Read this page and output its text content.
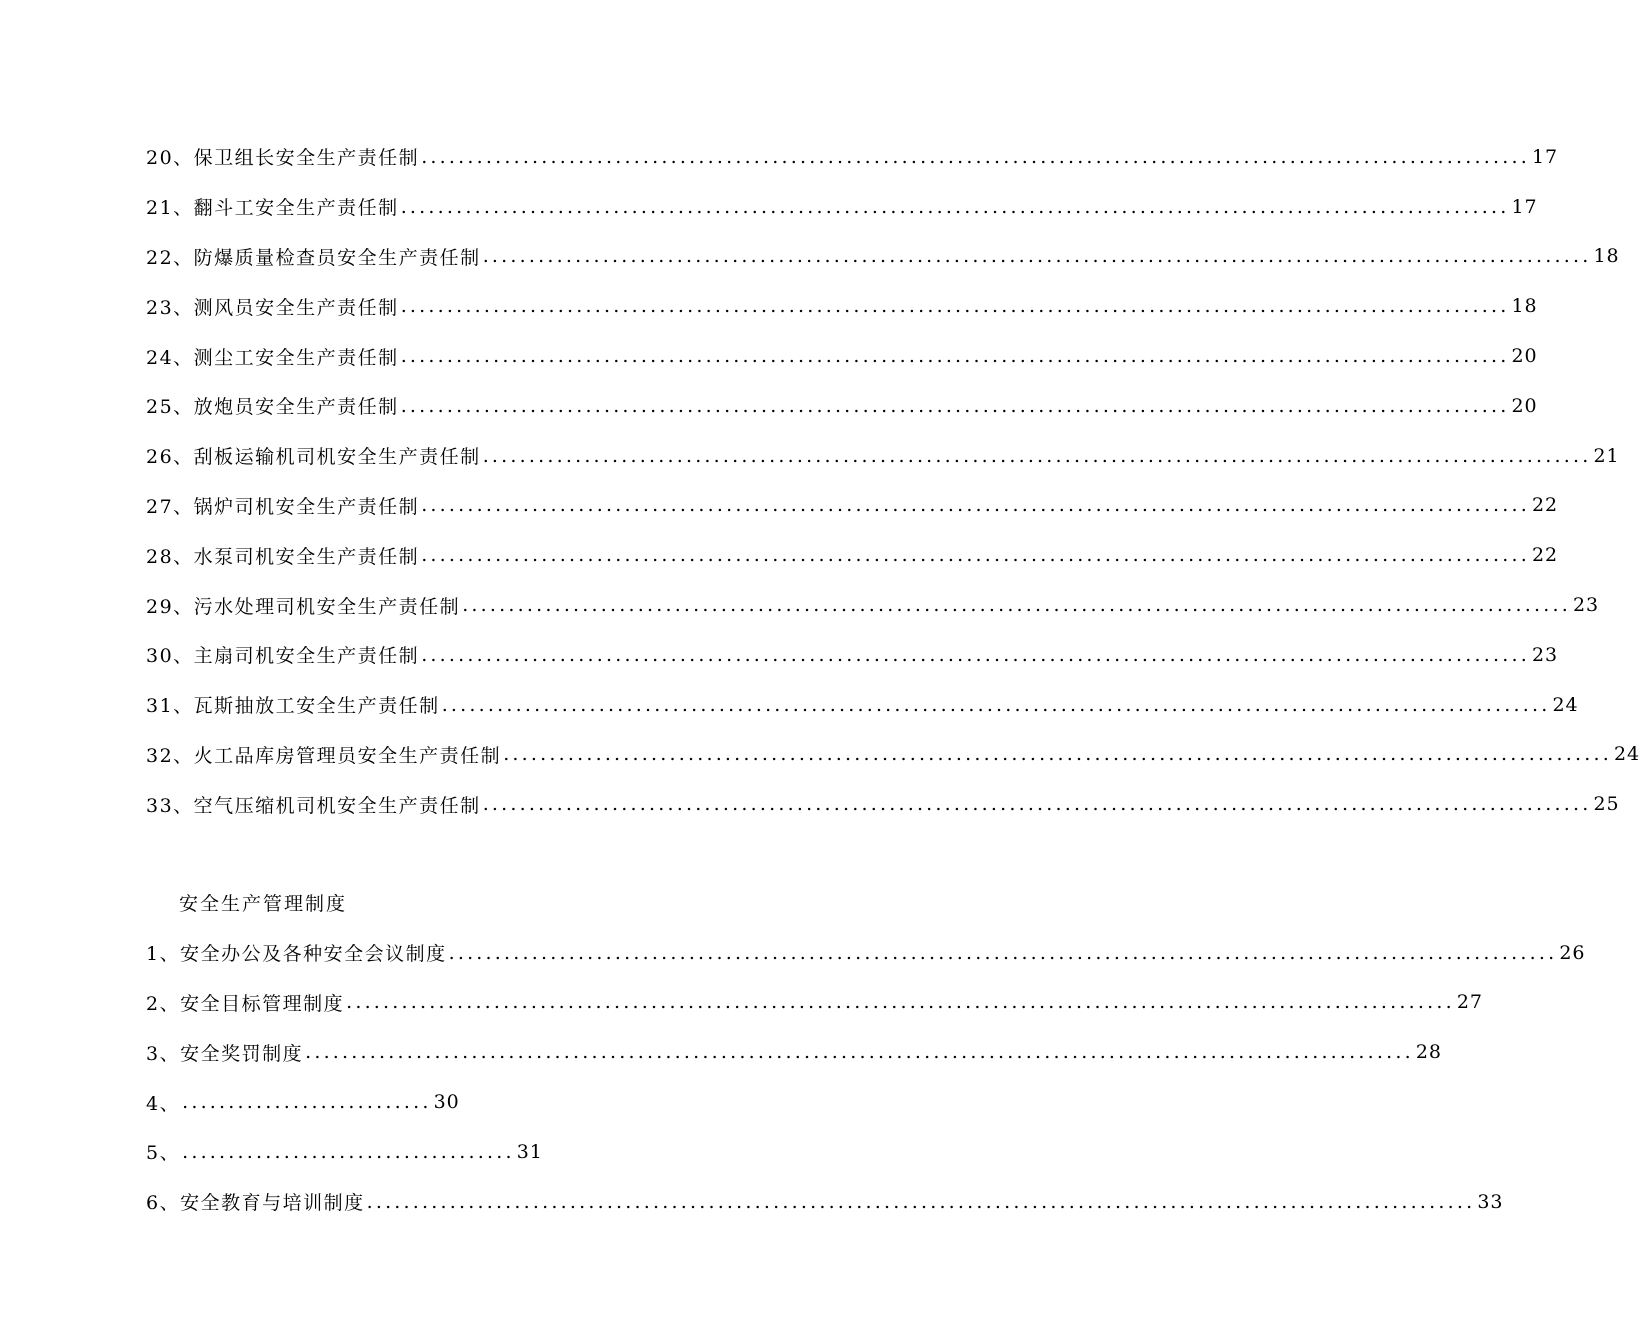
20、保卫组长安全生产责任制 ........................................................................................................................ 17
21、翻斗工安全生产责任制 ........................................................................................................................ 17
22、防爆质量检查员安全生产责任制 ........................................................................................................................ 18
23、测风员安全生产责任制 ........................................................................................................................ 18
24、测尘工安全生产责任制 ........................................................................................................................ 20
25、放炮员安全生产责任制 ........................................................................................................................ 20
26、刮板运输机司机安全生产责任制 ........................................................................................................................ 21
27、锅炉司机安全生产责任制 ........................................................................................................................ 22
28、水泵司机安全生产责任制 ........................................................................................................................ 22
29、污水处理司机安全生产责任制 ........................................................................................................................ 23
30、主扇司机安全生产责任制 ........................................................................................................................ 23
31、瓦斯抽放工安全生产责任制 ........................................................................................................................ 24
32、火工品库房管理员安全生产责任制 ........................................................................................................................ 24
33、空气压缩机司机安全生产责任制 ........................................................................................................................ 25
安全生产管理制度
1、安全办公及各种安全会议制度 ........................................................................................................................ 26
2、安全目标管理制度 ........................................................................................................................ 27
3、安全奖罚制度 ........................................................................................................................ 28
4、 ........................... 30
5、 .................................... 31
6、安全教育与培训制度 ........................................................................................................................ 33
